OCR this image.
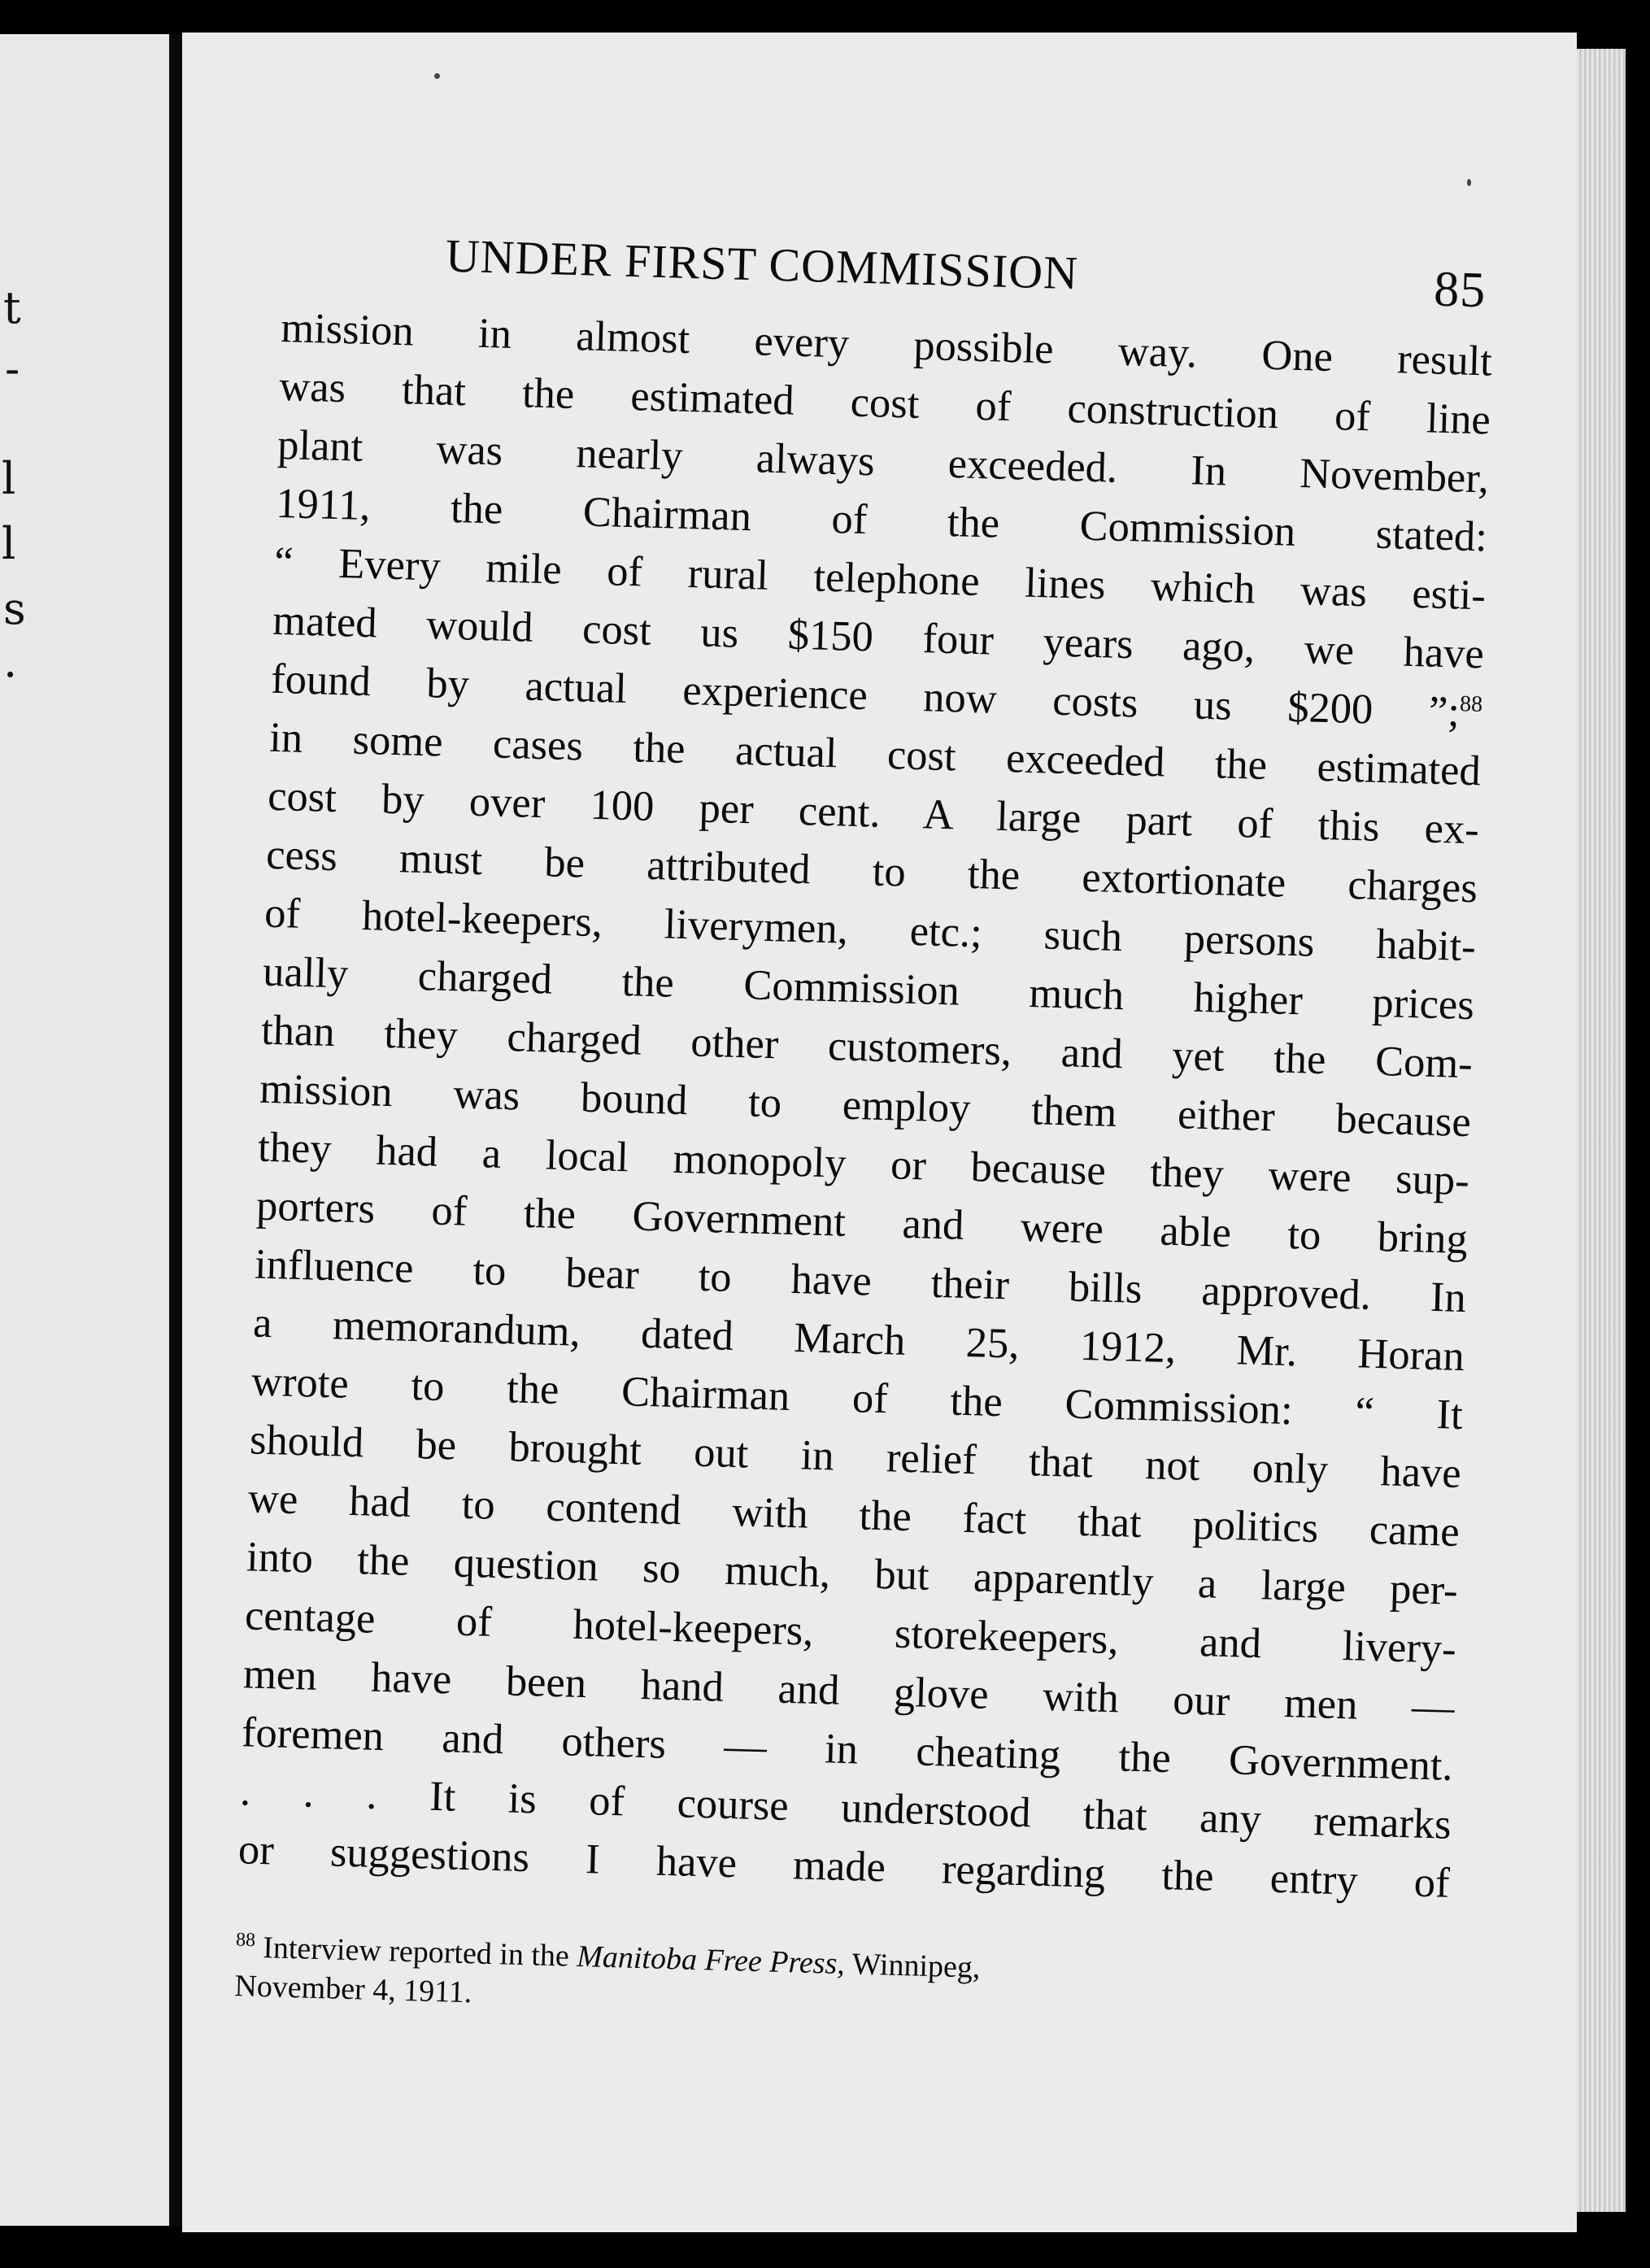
t
-
l
l
s
.
UNDER FIRST COMMISSION	85
mission in almost every possible way. One result
was that the estimated cost of construction of line
plant was nearly always exceeded. In November,
1911, the Chairman of the Commission stated:
“ Every mile of rural telephone lines which was esti-
mated would cost us $150 four years ago, we have
found by actual experience now costs us $200 ”;$^{88}$
in some cases the actual cost exceeded the estimated
cost by over 100 per cent. A large part of this ex-
cess must be attributed to the extortionate charges
of hotel-keepers, liverymen, etc.; such persons habit-
ually charged the Commission much higher prices
than they charged other customers, and yet the Com-
mission was bound to employ them either because
they had a local monopoly or because they were sup-
porters of the Government and were able to bring
influence to bear to have their bills approved. In
a memorandum, dated March 25, 1912, Mr. Horan
wrote to the Chairman of the Commission: “ It
should be brought out in relief that not only have
we had to contend with the fact that politics came
into the question so much, but apparently a large per-
centage of hotel-keepers, storekeepers, and livery-
men have been hand and glove with our men —
foremen and others — in cheating the Government.
. . . It is of course understood that any remarks
or suggestions I have made regarding the entry of
$^{88}$ Interview reported in the Manitoba Free Press, Winnipeg,
November 4, 1911.
